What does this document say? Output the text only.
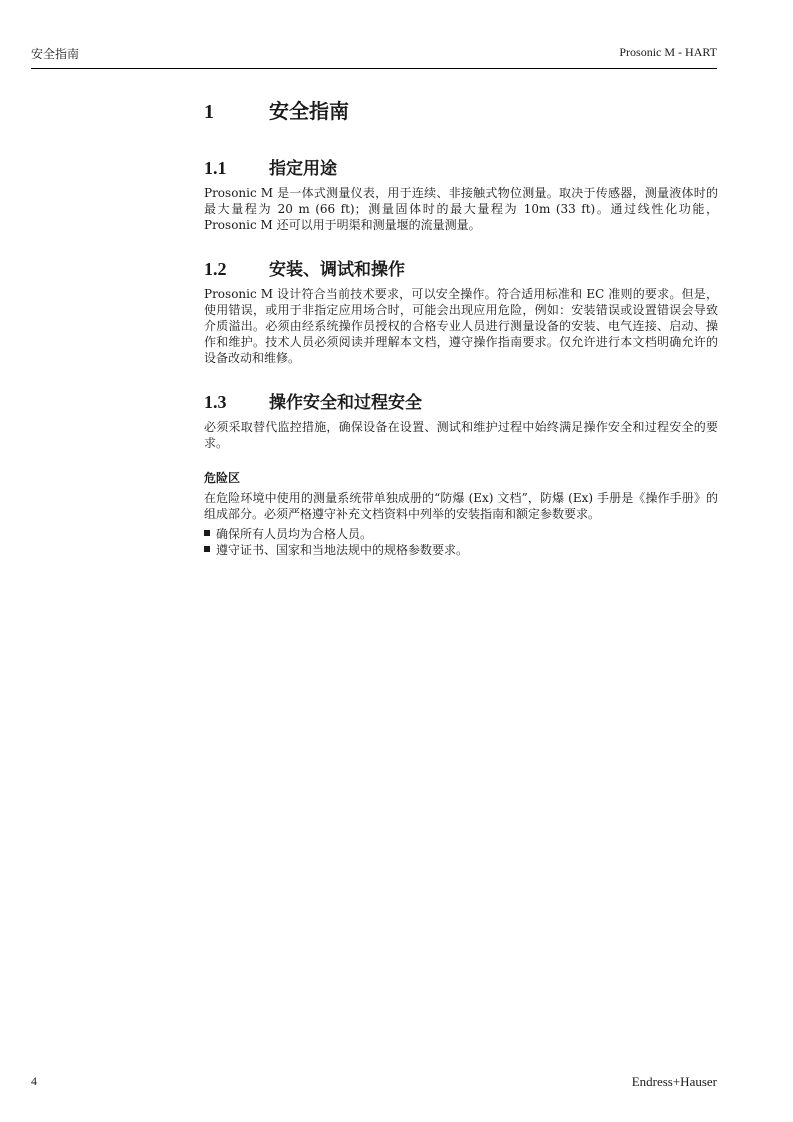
安全指南	Prosonic M - HART
1	安全指南
1.1	指定用途

Prosonic M 是一体式测量仪表，用于连续、非接触式物位测量。取决于传感器，测量液体时的最大量程为 20 m (66 ft)；测量固体时的最大量程为 10m (33 ft)。通过线性化功能， Prosonic M 还可以用于明渠和测量堰的流量测量。

1.2	安装、调试和操作

Prosonic M 设计符合当前技术要求，可以安全操作。符合适用标准和 EC 准则的要求。但是，使用错误，或用于非指定应用场合时，可能会出现应用危险，例如：安装错误或设置错误会导致介质溢出。必须由经系统操作员授权的合格专业人员进行测量设备的安装、电气连接、启动、操作和维护。技术人员必须阅读并理解本文档，遵守操作指南要求。仅允许进行本文档明确允许的设备改动和维修。

1.3	操作安全和过程安全

必须采取替代监控措施，确保设备在设置、测试和维护过程中始终满足操作安全和过程安全的要求。

危险区

在危险环境中使用的测量系统带单独成册的“防爆 (Ex) 文档”，防爆 (Ex) 手册是《操作手册》的组成部分。必须严格遵守补充文档资料中列举的安装指南和额定参数要求。

确保所有人员均为合格人员。
遵守证书、国家和当地法规中的规格参数要求。
4	Endress+Hauser
